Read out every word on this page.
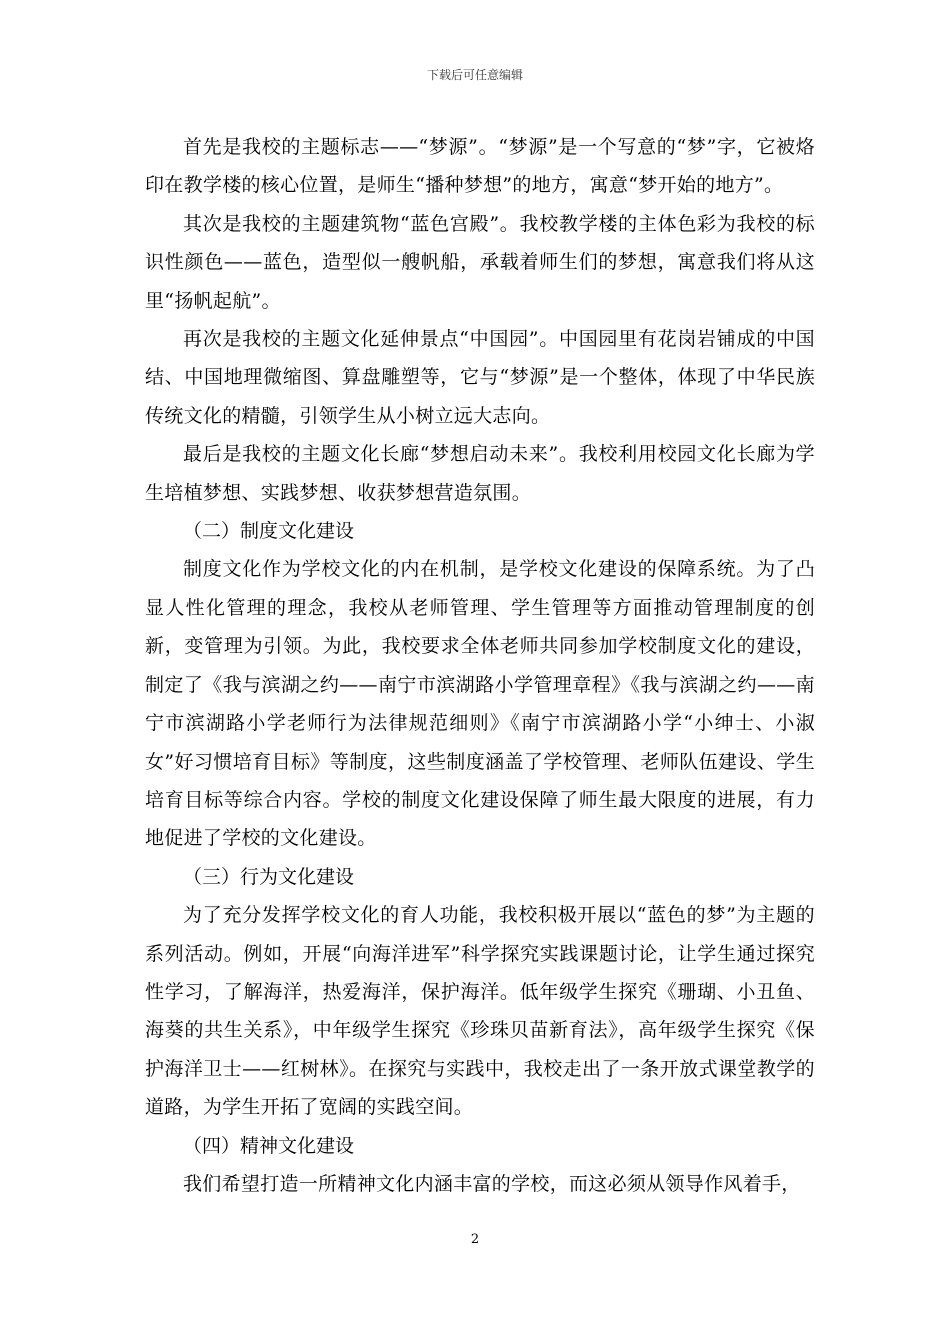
下载后可任意编辑

首先是我校的主题标志——“梦源”。“梦源”是一个写意的“梦”字，它被烙印在教学楼的核心位置，是师生“播种梦想”的地方，寓意“梦开始的地方”。

其次是我校的主题建筑物“蓝色宫殿”。我校教学楼的主体色彩为我校的标识性颜色——蓝色，造型似一艘帆船，承载着师生们的梦想，寓意我们将从这里“扬帆起航”。

再次是我校的主题文化延伸景点“中国园”。中国园里有花岗岩铺成的中国结、中国地理微缩图、算盘雕塑等，它与“梦源”是一个整体，体现了中华民族传统文化的精髓，引领学生从小树立远大志向。

最后是我校的主题文化长廊“梦想启动未来”。我校利用校园文化长廊为学生培植梦想、实践梦想、收获梦想营造氛围。

（二）制度文化建设

制度文化作为学校文化的内在机制，是学校文化建设的保障系统。为了凸显人性化管理的理念，我校从老师管理、学生管理等方面推动管理制度的创新，变管理为引领。为此，我校要求全体老师共同参加学校制度文化的建设，制定了《我与滨湖之约——南宁市滨湖路小学管理章程》《我与滨湖之约——南宁市滨湖路小学老师行为法律规范细则》《南宁市滨湖路小学“小绅士、小淑女”好习惯培育目标》等制度，这些制度涵盖了学校管理、老师队伍建设、学生培育目标等综合内容。学校的制度文化建设保障了师生最大限度的进展，有力地促进了学校的文化建设。

（三）行为文化建设

为了充分发挥学校文化的育人功能，我校积极开展以“蓝色的梦”为主题的系列活动。例如，开展“向海洋进军”科学探究实践课题讨论，让学生通过探究性学习，了解海洋，热爱海洋，保护海洋。低年级学生探究《珊瑚、小丑鱼、海葵的共生关系》，中年级学生探究《珍珠贝苗新育法》，高年级学生探究《保护海洋卫士——红树林》。在探究与实践中，我校走出了一条开放式课堂教学的道路，为学生开拓了宽阔的实践空间。

（四）精神文化建设

我们希望打造一所精神文化内涵丰富的学校，而这必须从领导作风着手，

2
